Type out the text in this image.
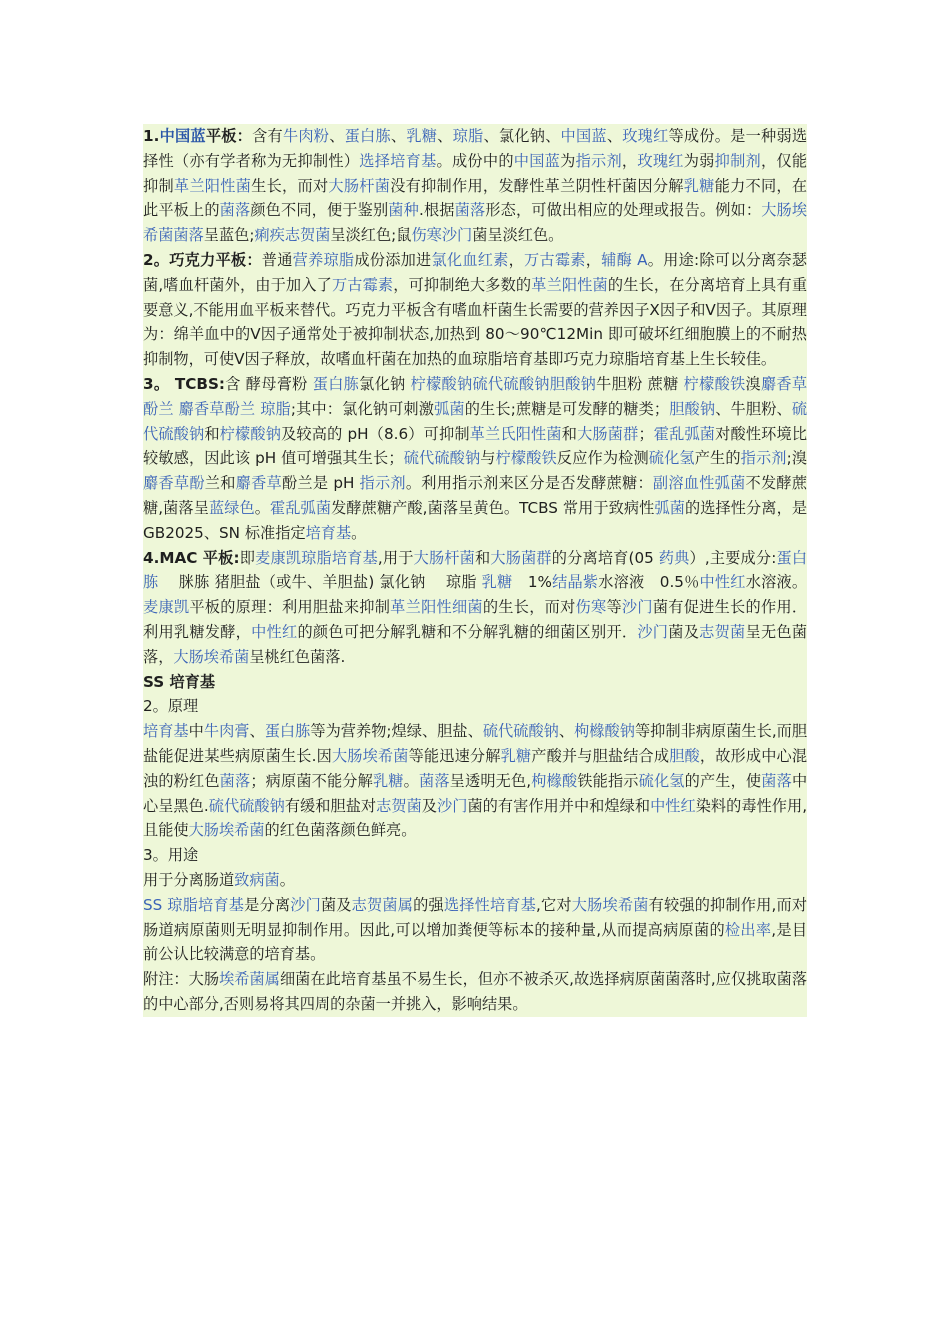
1.中国蓝平板：含有牛肉粉、蛋白胨、乳糖、琼脂、氯化钠、中国蓝、玫瑰红等成份。是一种弱选择性（亦有学者称为无抑制性）选择培育基。成份中的中国蓝为指示剂，玫瑰红为弱抑制剂，仅能抑制革兰阳性菌生长，而对大肠杆菌没有抑制作用，发酵性革兰阴性杆菌因分解乳糖能力不同，在此平板上的菌落颜色不同，便于鉴别菌种.根据菌落形态，可做出相应的处理或报告。例如：大肠埃希菌菌落呈蓝色;痢疾志贺菌呈淡红色;鼠伤寒沙门菌呈淡红色。

2。巧克力平板：普通营养琼脂成份添加进氯化血红素，万古霉素，辅酶 A。用途:除可以分离奈瑟菌,嗜血杆菌外，由于加入了万古霉素，可抑制绝大多数的革兰阳性菌的生长，在分离培育上具有重要意义,不能用血平板来替代。巧克力平板含有嗜血杆菌生长需要的营养因子Ⅹ因子和Ⅴ因子。其原理为：绵羊血中的Ⅴ因子通常处于被抑制状态,加热到 80～90℃12Min 即可破坏红细胞膜上的不耐热抑制物，可使Ⅴ因子释放，故嗜血杆菌在加热的血琼脂培育基即巧克力琼脂培育基上生长较佳。

3。 TCBS:含 酵母膏粉 蛋白胨氯化钠 柠檬酸钠硫代硫酸钠胆酸钠牛胆粉 蔗糖 柠檬酸铁溴麝香草酚兰 麝香草酚兰 琼脂;其中：氯化钠可刺激弧菌的生长;蔗糖是可发酵的糖类；胆酸钠、牛胆粉、硫代硫酸钠和柠檬酸钠及较高的 pH（8.6）可抑制革兰氏阳性菌和大肠菌群；霍乱弧菌对酸性环境比较敏感，因此该 pH 值可增强其生长；硫代硫酸钠与柠檬酸铁反应作为检测硫化氢产生的指示剂;溴麝香草酚兰和麝香草酚兰是 pH 指示剂。利用指示剂来区分是否发酵蔗糖：副溶血性弧菌不发酵蔗糖,菌落呈蓝绿色。霍乱弧菌发酵蔗糖产酸,菌落呈黄色。TCBS 常用于致病性弧菌的选择性分离，是 GB2025、SN 标准指定培育基。

4.MAC 平板:即麦康凯琼脂培育基,用于大肠杆菌和大肠菌群的分离培育(05 药典）,主要成分:蛋白胨　 脒胨 猪胆盐（或牛、羊胆盐) 氯化钠　 琼脂 乳糖　1%结晶紫水溶液　0.5％中性红水溶液。麦康凯平板的原理：利用胆盐来抑制革兰阳性细菌的生长，而对伤寒等沙门菌有促进生长的作用．利用乳糖发酵，中性红的颜色可把分解乳糖和不分解乳糖的细菌区别开．沙门菌及志贺菌呈无色菌落，大肠埃希菌呈桃红色菌落.

SS 培育基

2。原理

培育基中牛肉膏、蛋白胨等为营养物;煌绿、胆盐、硫代硫酸钠、枸橼酸钠等抑制非病原菌生长,而胆盐能促进某些病原菌生长.因大肠埃希菌等能迅速分解乳糖产酸并与胆盐结合成胆酸，故形成中心混浊的粉红色菌落；病原菌不能分解乳糖。菌落呈透明无色,枸橼酸铁能指示硫化氢的产生，使菌落中心呈黑色.硫代硫酸钠有缓和胆盐对志贺菌及沙门菌的有害作用并中和煌绿和中性红染料的毒性作用,且能使大肠埃希菌的红色菌落颜色鲜亮。

3。用途

用于分离肠道致病菌。

SS 琼脂培育基是分离沙门菌及志贺菌属的强选择性培育基,它对大肠埃希菌有较强的抑制作用,而对肠道病原菌则无明显抑制作用。因此,可以增加粪便等标本的接种量,从而提高病原菌的检出率,是目前公认比较满意的培育基。

附注：大肠埃希菌属细菌在此培育基虽不易生长，但亦不被杀灭,故选择病原菌菌落时,应仅挑取菌落的中心部分,否则易将其四周的杂菌一并挑入，影响结果。
